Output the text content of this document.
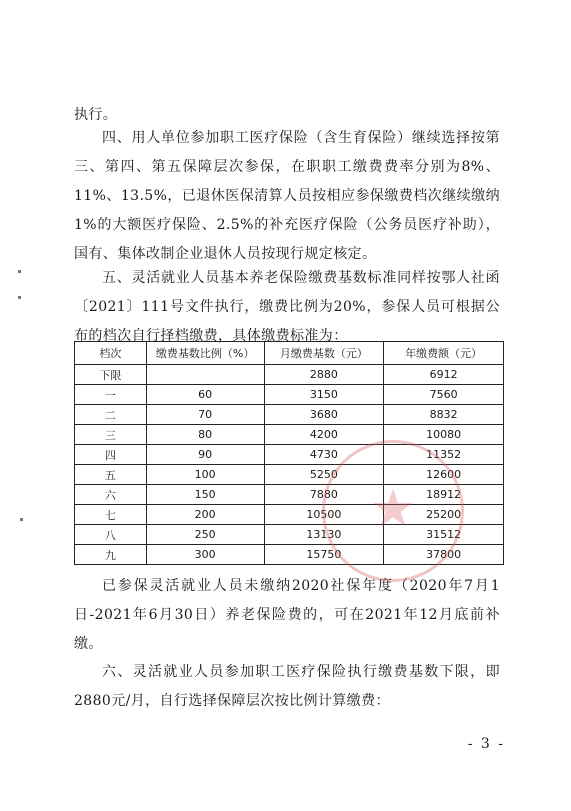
执行。

四、用人单位参加职工医疗保险（含生育保险）继续选择按第三、第四、第五保障层次参保，在职职工缴费费率分别为8%、11%、13.5%，已退休医保清算人员按相应参保缴费档次继续缴纳1%的大额医疗保险、2.5%的补充医疗保险（公务员医疗补助），国有、集体改制企业退休人员按现行规定核定。

五、灵活就业人员基本养老保险缴费基数标准同样按鄂人社函〔2021〕111号文件执行，缴费比例为20%，参保人员可根据公布的档次自行择档缴费，具体缴费标准为：

档次	缴费基数比例（%）	月缴费基数（元）	年缴费额（元）
下限		2880	6912
一	60	3150	7560
二	70	3680	8832
三	80	4200	10080
四	90	4730	11352
五	100	5250	12600
六	150	7880	18912
七	200	10500	25200
八	250	13130	31512
九	300	15750	37800
★

已参保灵活就业人员未缴纳2020社保年度（2020年7月1日-2021年6月30日）养老保险费的，可在2021年12月底前补缴。

六、灵活就业人员参加职工医疗保险执行缴费基数下限，即2880元/月，自行选择保障层次按比例计算缴费：

- 3 -
